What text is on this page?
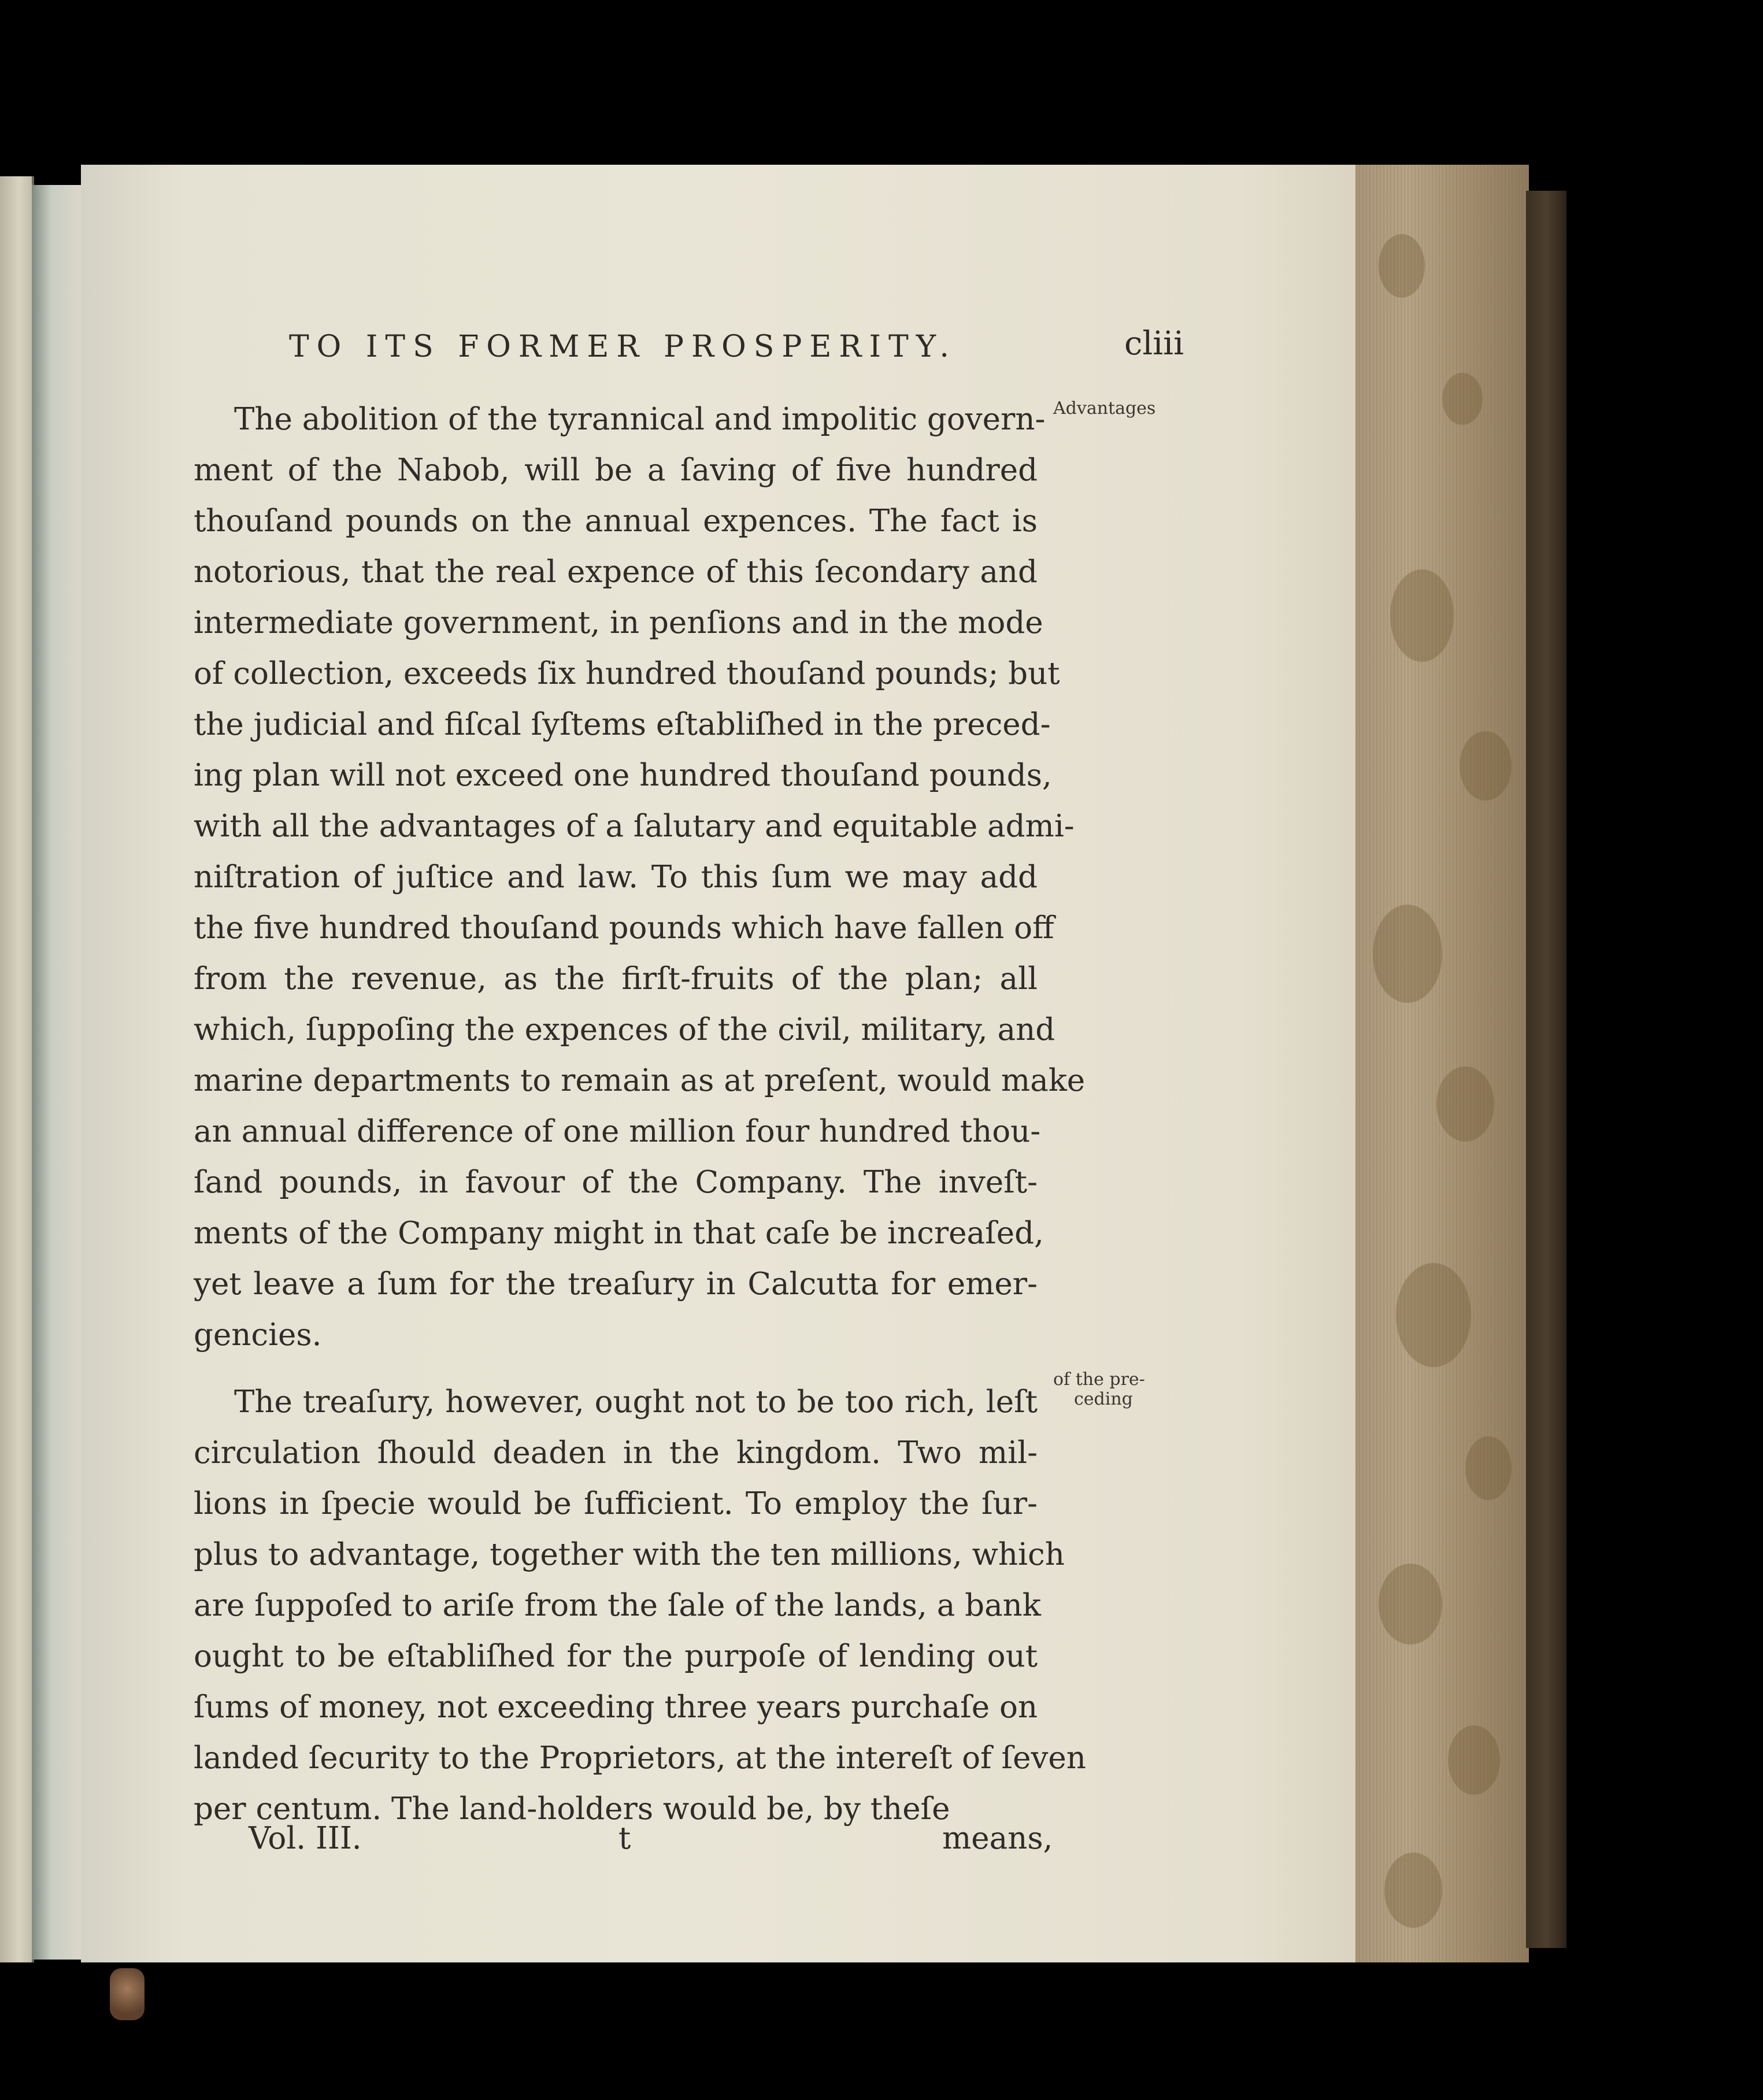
TO ITS FORMER PROSPERITY.	cliii
Advantages
of the pre-
ceding
The abolition of the tyrannical and impolitic govern-
ment of the Nabob, will be a ſaving of five hundred
thouſand pounds on the annual expences. The fact is
notorious, that the real expence of this ſecondary and
intermediate government, in penſions and in the mode
of collection, exceeds ſix hundred thouſand pounds; but
the judicial and fiſcal ſyſtems eſtabliſhed in the preced-
ing plan will not exceed one hundred thouſand pounds,
with all the advantages of a ſalutary and equitable admi-
niſtration of juſtice and law. To this ſum we may add
the five hundred thouſand pounds which have fallen off
from the revenue, as the firſt-fruits of the plan; all
which, ſuppoſing the expences of the civil, military, and
marine departments to remain as at preſent, would make
an annual difference of one million four hundred thou-
ſand pounds, in favour of the Company. The inveſt-
ments of the Company might in that caſe be increaſed,
yet leave a ſum for the treaſury in Calcutta for emer-
gencies.
The treaſury, however, ought not to be too rich, leſt
circulation ſhould deaden in the kingdom. Two mil-
lions in ſpecie would be ſufficient. To employ the ſur-
plus to advantage, together with the ten millions, which
are ſuppoſed to ariſe from the ſale of the lands, a bank
ought to be eſtabliſhed for the purpoſe of lending out
ſums of money, not exceeding three years purchaſe on
landed ſecurity to the Proprietors, at the intereſt of ſeven
per centum. The land-holders would be, by theſe
Vol. III.	t	means,
